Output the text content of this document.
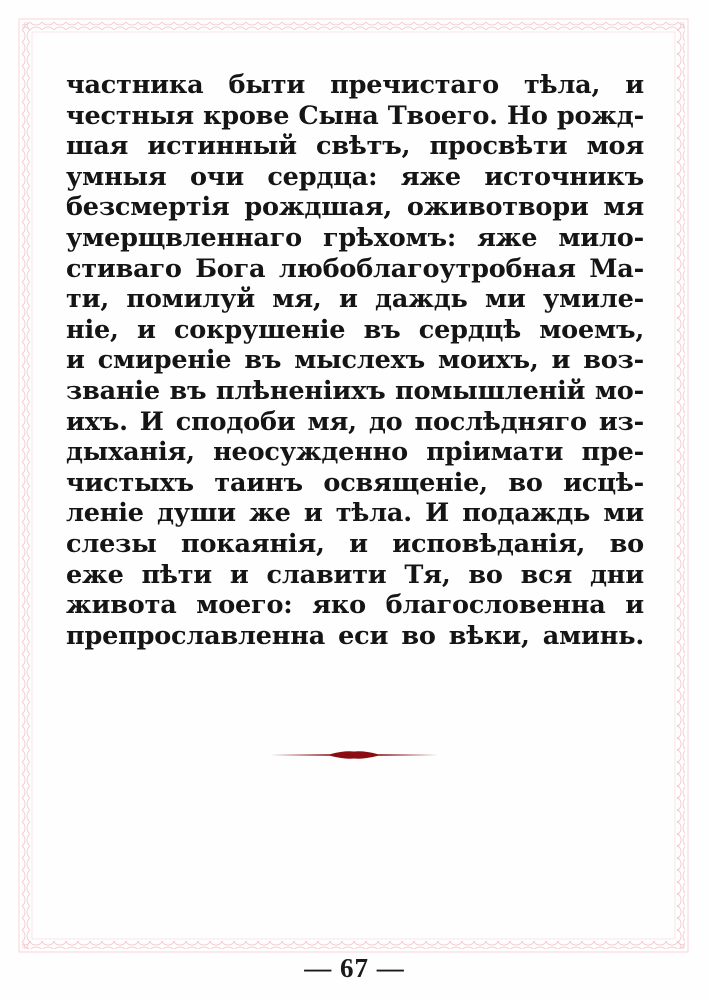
частника быти пречистаго тѣла, и
честныя крове Сына Твоего. Но рожд-
шая истинный свѣтъ, просвѣти моя
умныя очи сердца: яже источникъ
безсмертія рождшая, оживотвори мя
умерщвленнаго грѣхомъ: яже мило-
стиваго Бога любоблагоутробная Ма-
ти, помилуй мя, и даждь ми умиле-
ніе, и сокрушеніе въ сердцѣ моемъ,
и смиреніе въ мыслехъ моихъ, и воз-
званіе въ плѣненіихъ помышленій мо-
ихъ. И сподоби мя, до послѣдняго из-
дыханія, неосужденно пріимати пре-
чистыхъ таинъ освященіе, во исцѣ-
леніе души же и тѣла. И подаждь ми
слезы покаянія, и исповѣданія, во
еже пѣти и славити Тя, во вся дни
живота моего: яко благословенна и
препрославленна еси во вѣки, аминь.
— 67 —
